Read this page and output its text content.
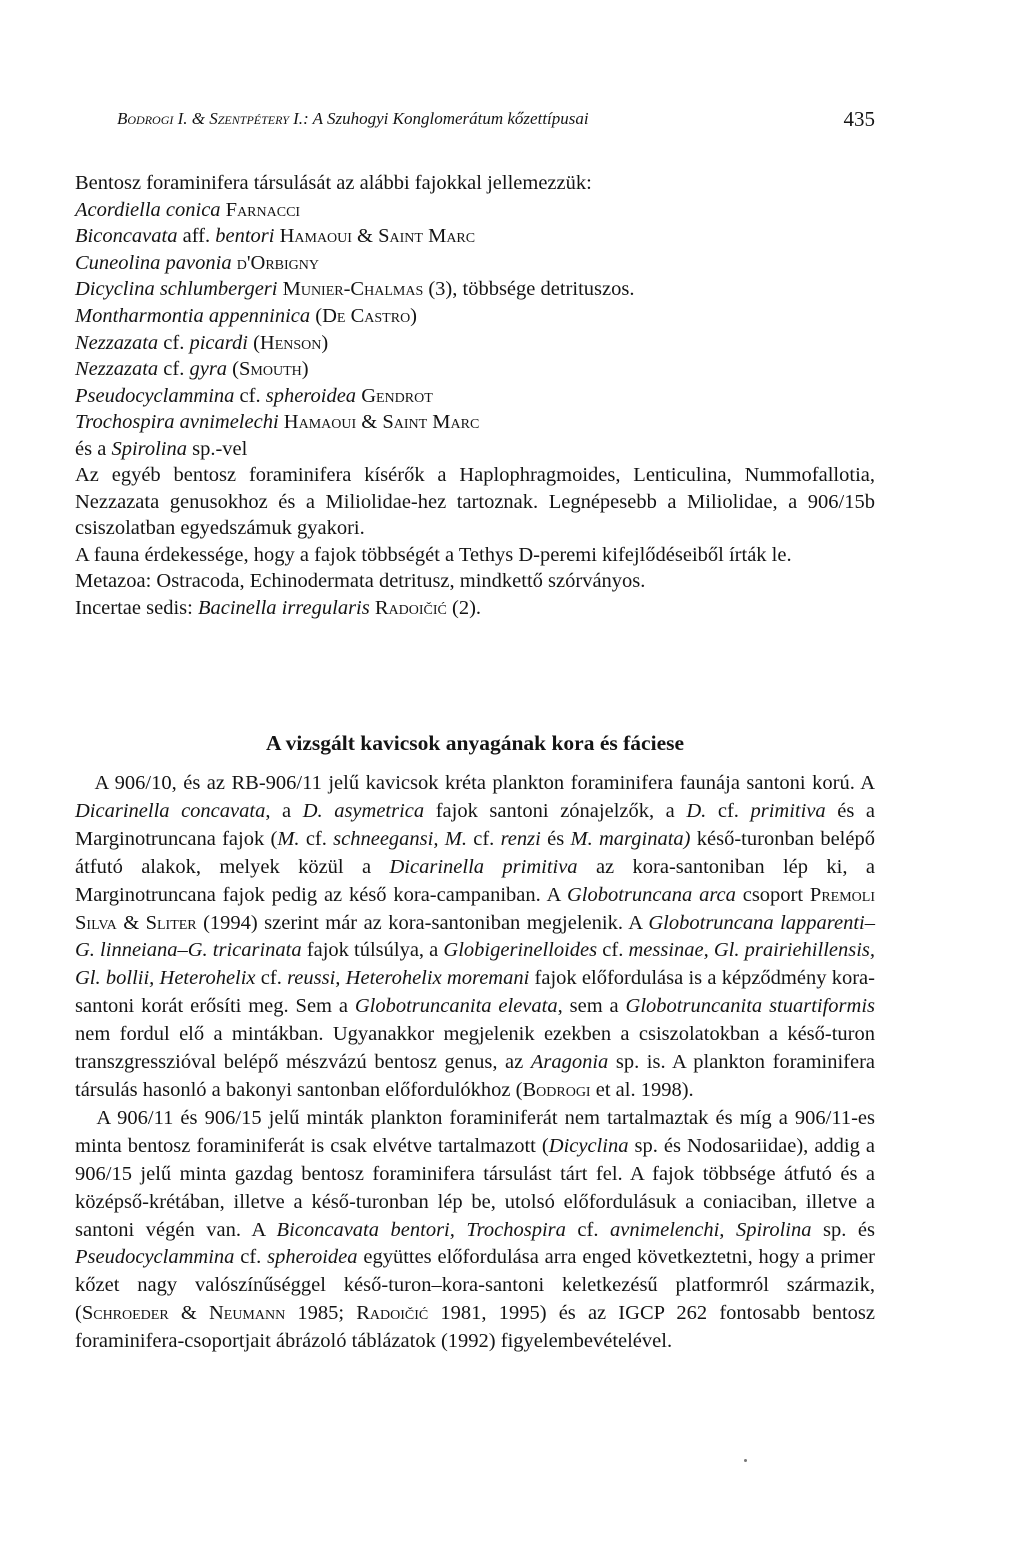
Bodrogi I. & Szentpétery I.: A Szuhogyi Konglomerátum kőzettípusai	435
Bentosz foraminifera társulását az alábbi fajokkal jellemezzük:
Acordiella conica Farnacci
Biconcavata aff. bentori Hamaoui & Saint Marc
Cuneolina pavonia d'Orbigny
Dicyclina schlumbergeri Munier-Chalmas (3), többsége detrituszos.
Montharmontia appenninica (De Castro)
Nezzazata cf. picardi (Henson)
Nezzazata cf. gyra (Smouth)
Pseudocyclammina cf. spheroidea Gendrot
Trochospira avnimelechi Hamaoui & Saint Marc
és a Spirolina sp.-vel

Az egyéb bentosz foraminifera kísérők a Haplophragmoides, Lenticulina, Nummofallotia, Nezzazata genusokhoz és a Miliolidae-hez tartoznak. Legnépesebb a Miliolidae, a 906/15b csiszolatban egyedszámuk gyakori.

A fauna érdekessége, hogy a fajok többségét a Tethys D-peremi kifejlődéseiből írták le.

Metazoa: Ostracoda, Echinodermata detritusz, mindkettő szórványos.

Incertae sedis: Bacinella irregularis Radoičić (2).

A vizsgált kavicsok anyagának kora és fáciese

A 906/10, és az RB-906/11 jelű kavicsok kréta plankton foraminifera faunája santoni korú. A Dicarinella concavata, a D. asymetrica fajok santoni zónajelzők, a D. cf. primitiva és a Marginotruncana fajok (M. cf. schneegansi, M. cf. renzi és M. marginata) késő-turonban belépő átfutó alakok, melyek közül a Dicarinella primitiva az kora-santoniban lép ki, a Marginotruncana fajok pedig az késő kora-campaniban. A Globotruncana arca csoport Premoli Silva & Sliter (1994) szerint már az kora-santoniban megjelenik. A Globotruncana lapparenti–G. linneiana–G. tricarinata fajok túlsúlya, a Globigerinelloides cf. messinae, Gl. prairiehillensis, Gl. bollii, Heterohelix cf. reussi, Heterohelix moremani fajok előfordulása is a képződmény kora-santoni korát erősíti meg. Sem a Globotruncanita elevata, sem a Globotruncanita stuartiformis nem fordul elő a mintákban. Ugyanakkor megjelenik ezekben a csiszolatokban a késő-turon transzgresszióval belépő mészvázú bentosz genus, az Aragonia sp. is. A plankton foraminifera társulás hasonló a bakonyi santonban előfordulókhoz (Bodrogi et al. 1998).

A 906/11 és 906/15 jelű minták plankton foraminiferát nem tartalmaztak és míg a 906/11-es minta bentosz foraminiferát is csak elvétve tartalmazott (Dicyclina sp. és Nodosariidae), addig a 906/15 jelű minta gazdag bentosz foraminifera társulást tárt fel. A fajok többsége átfutó és a középső-krétában, illetve a késő-turonban lép be, utolsó előfordulásuk a coniaciban, illetve a santoni végén van. A Biconcavata bentori, Trochospira cf. avnimelenchi, Spirolina sp. és Pseudocyclammina cf. spheroidea együttes előfordulása arra enged következtetni, hogy a primer kőzet nagy valószínűséggel késő-turon–kora-santoni keletkezésű platformról származik, (Schroeder & Neumann 1985; Radoičić 1981, 1995) és az IGCP 262 fontosabb bentosz foraminifera-csoportjait ábrázoló táblázatok (1992) figyelembevételével.
